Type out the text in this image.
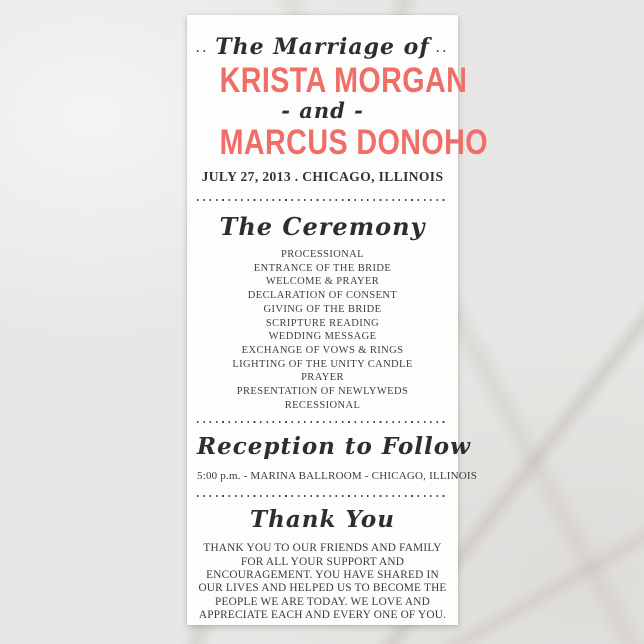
The Marriage of
KRISTA MORGAN
- and -
MARCUS DONOHO
JULY 27, 2013 . CHICAGO, ILLINOIS
The Ceremony
PROCESSIONAL
ENTRANCE OF THE BRIDE
WELCOME & PRAYER
DECLARATION OF CONSENT
GIVING OF THE BRIDE
SCRIPTURE READING
WEDDING MESSAGE
EXCHANGE OF VOWS & RINGS
LIGHTING OF THE UNITY CANDLE
PRAYER
PRESENTATION OF NEWLYWEDS
RECESSIONAL
Reception to Follow
5:00 p.m. - MARINA BALLROOM - CHICAGO, ILLINOIS
Thank You
THANK YOU TO OUR FRIENDS AND FAMILY FOR ALL YOUR SUPPORT AND ENCOURAGEMENT. YOU HAVE SHARED IN OUR LIVES AND HELPED US TO BECOME THE PEOPLE WE ARE TODAY. WE LOVE AND APPRECIATE EACH AND EVERY ONE OF YOU.
